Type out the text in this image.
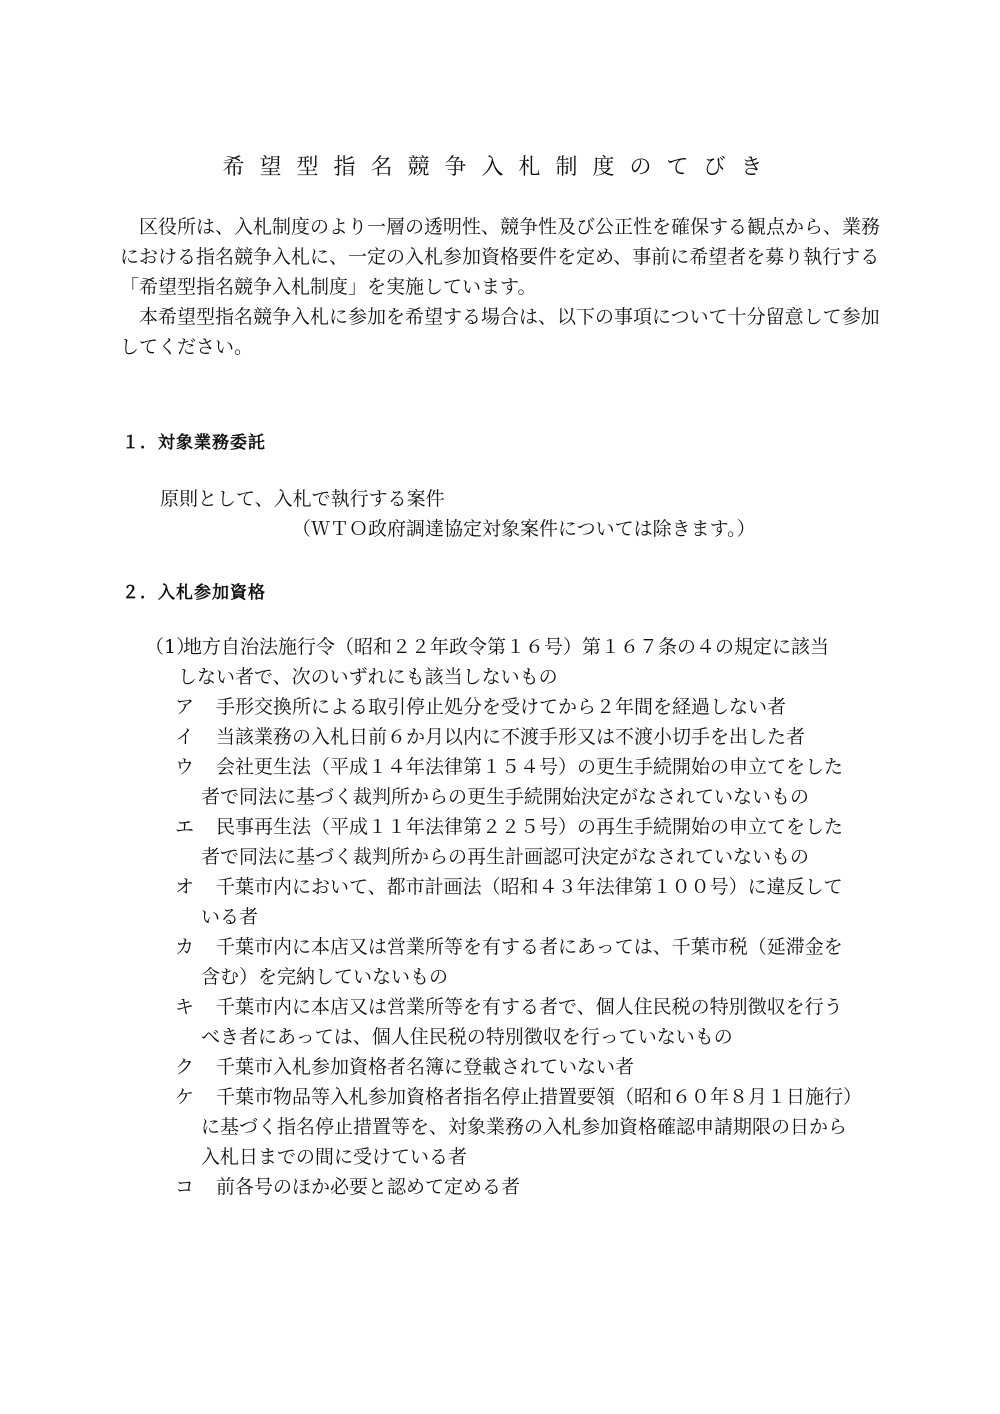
希望型指名競争入札制度のてびき

区役所は、入札制度のより一層の透明性、競争性及び公正性を確保する観点から、業務における指名競争入札に、一定の入札参加資格要件を定め、事前に希望者を募り執行する「希望型指名競争入札制度」を実施しています。

本希望型指名競争入札に参加を希望する場合は、以下の事項について十分留意して参加してください。

１．対象業務委託
原則として、入札で執行する案件
（ＷＴＯ政府調達協定対象案件については除きます。）
２．入札参加資格
（1）
地方自治法施行令（昭和２２年政令第１６号）第１６７条の４の規定に該当
しない者で、次のいずれにも該当しないもの
ア	手形交換所による取引停止処分を受けてから２年間を経過しない者
イ	当該業務の入札日前６か月以内に不渡手形又は不渡小切手を出した者
ウ	会社更生法（平成１４年法律第１５４号）の更生手続開始の申立てをした
者で同法に基づく裁判所からの更生手続開始決定がなされていないもの
エ	民事再生法（平成１１年法律第２２５号）の再生手続開始の申立てをした
者で同法に基づく裁判所からの再生計画認可決定がなされていないもの
オ	千葉市内において、都市計画法（昭和４３年法律第１００号）に違反して
いる者
カ	千葉市内に本店又は営業所等を有する者にあっては、千葉市税（延滞金を
含む）を完納していないもの
キ	千葉市内に本店又は営業所等を有する者で、個人住民税の特別徴収を行う
べき者にあっては、個人住民税の特別徴収を行っていないもの
ク	千葉市入札参加資格者名簿に登載されていない者
ケ	千葉市物品等入札参加資格者指名停止措置要領（昭和６０年８月１日施行）
に基づく指名停止措置等を、対象業務の入札参加資格確認申請期限の日から
入札日までの間に受けている者
コ	前各号のほか必要と認めて定める者
